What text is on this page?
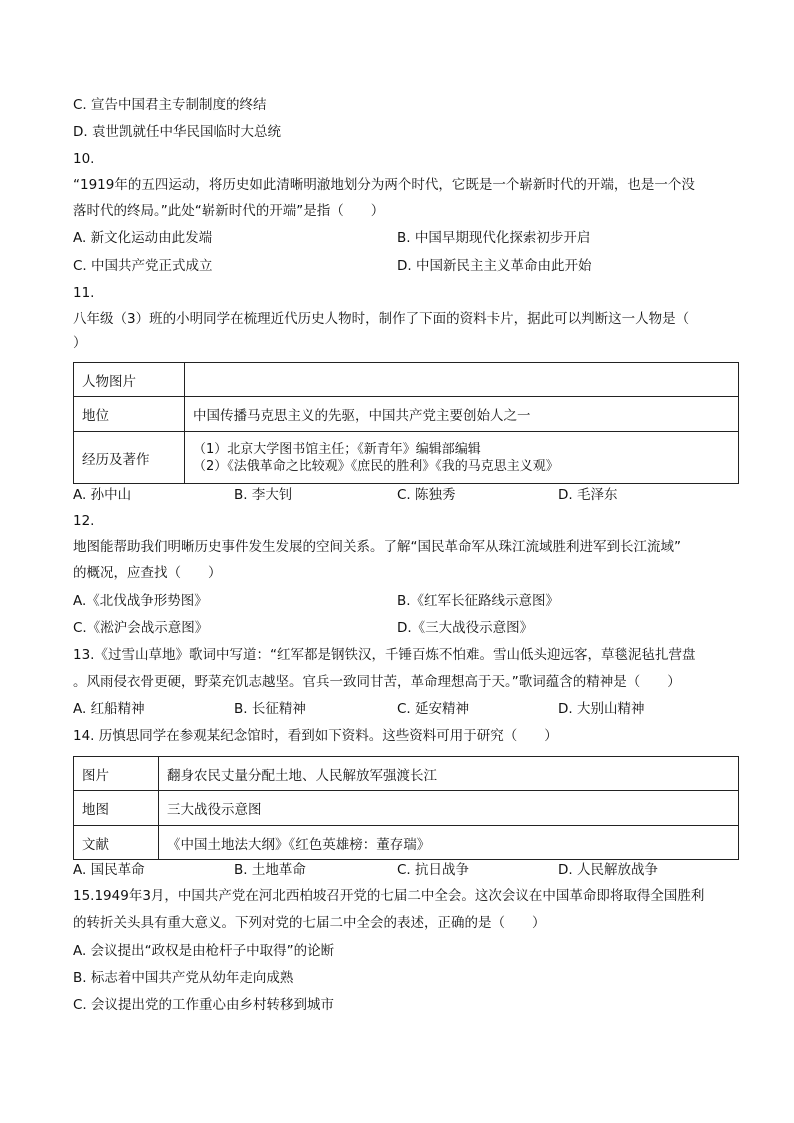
C. 宣告中国君主专制制度的终结
D. 袁世凯就任中华民国临时大总统
10.
“1919年的五四运动，将历史如此清晰明澈地划分为两个时代，它既是一个崭新时代的开端，也是一个没
落时代的终局。”此处“崭新时代的开端”是指（　　）
A. 新文化运动由此发端	B. 中国早期现代化探索初步开启
C. 中国共产党正式成立	D. 中国新民主主义革命由此开始
11.
八年级（3）班的小明同学在梳理近代历史人物时，制作了下面的资料卡片，据此可以判断这一人物是（
）
人物图片	
地位	中国传播马克思主义的先驱，中国共产党主要创始人之一
经历及著作	（1）北京大学图书馆主任；《新青年》编辑部编辑
（2）《法俄革命之比较观》《庶民的胜利》《我的马克思主义观》
A. 孙中山	B. 李大钊	C. 陈独秀	D. 毛泽东
12.
地图能帮助我们明晰历史事件发生发展的空间关系。了解“国民革命军从珠江流域胜利进军到长江流域”
的概况，应查找（　　）
A.《北伐战争形势图》	B.《红军长征路线示意图》
C.《淞沪会战示意图》	D.《三大战役示意图》
13.《过雪山草地》歌词中写道：“红军都是钢铁汉，千锤百炼不怕难。雪山低头迎远客，草毯泥毡扎营盘
。风雨侵衣骨更硬，野菜充饥志越坚。官兵一致同甘苦，革命理想高于天。”歌词蕴含的精神是（　　）
A. 红船精神	B. 长征精神	C. 延安精神	D. 大别山精神
14. 历慎思同学在参观某纪念馆时，看到如下资料。这些资料可用于研究（　　）
图片	翻身农民丈量分配土地、人民解放军强渡长江
地图	三大战役示意图
文献	《中国土地法大纲》《红色英雄榜：董存瑞》
A. 国民革命	B. 土地革命	C. 抗日战争	D. 人民解放战争
15.1949年3月，中国共产党在河北西柏坡召开党的七届二中全会。这次会议在中国革命即将取得全国胜利
的转折关头具有重大意义。下列对党的七届二中全会的表述，正确的是（　　）
A. 会议提出“政权是由枪杆子中取得”的论断
B. 标志着中国共产党从幼年走向成熟
C. 会议提出党的工作重心由乡村转移到城市
